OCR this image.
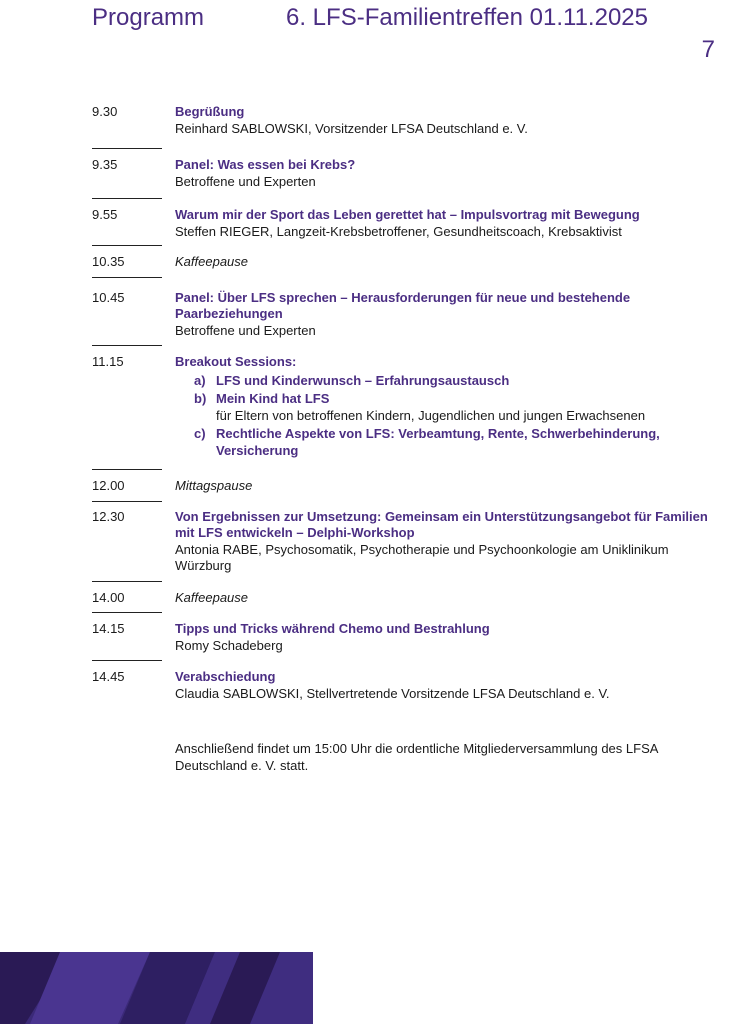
Programm	6. LFS-Familientreffen 01.11.2025
7
9.30	Begrüßung
Reinhard SABLOWSKI, Vorsitzender LFSA Deutschland e. V.
9.35	Panel: Was essen bei Krebs?
Betroffene und Experten
9.55	Warum mir der Sport das Leben gerettet hat – Impulsvortrag mit Bewegung
Steffen RIEGER, Langzeit-Krebsbetroffener, Gesundheitscoach, Krebsaktivist
10.35	Kaffeepause
10.45	Panel: Über LFS sprechen – Herausforderungen für neue und bestehende Paarbeziehungen
Betroffene und Experten
11.15	Breakout Sessions:
a) LFS und Kinderwunsch – Erfahrungsaustausch
b) Mein Kind hat LFS
für Eltern von betroffenen Kindern, Jugendlichen und jungen Erwachsenen
c) Rechtliche Aspekte von LFS: Verbeamtung, Rente, Schwerbehinderung, Versicherung
12.00	Mittagspause
12.30	Von Ergebnissen zur Umsetzung: Gemeinsam ein Unterstützungsangebot für Familien mit LFS entwickeln – Delphi-Workshop
Antonia RABE, Psychosomatik, Psychotherapie und Psychoonkologie am Uniklinikum Würzburg
14.00	Kaffeepause
14.15	Tipps und Tricks während Chemo und Bestrahlung
Romy Schadeberg
14.45	Verabschiedung
Claudia SABLOWSKI, Stellvertretende Vorsitzende LFSA Deutschland e. V.
Anschließend findet um 15:00 Uhr die ordentliche Mitgliederversammlung des LFSA Deutschland e. V. statt.
